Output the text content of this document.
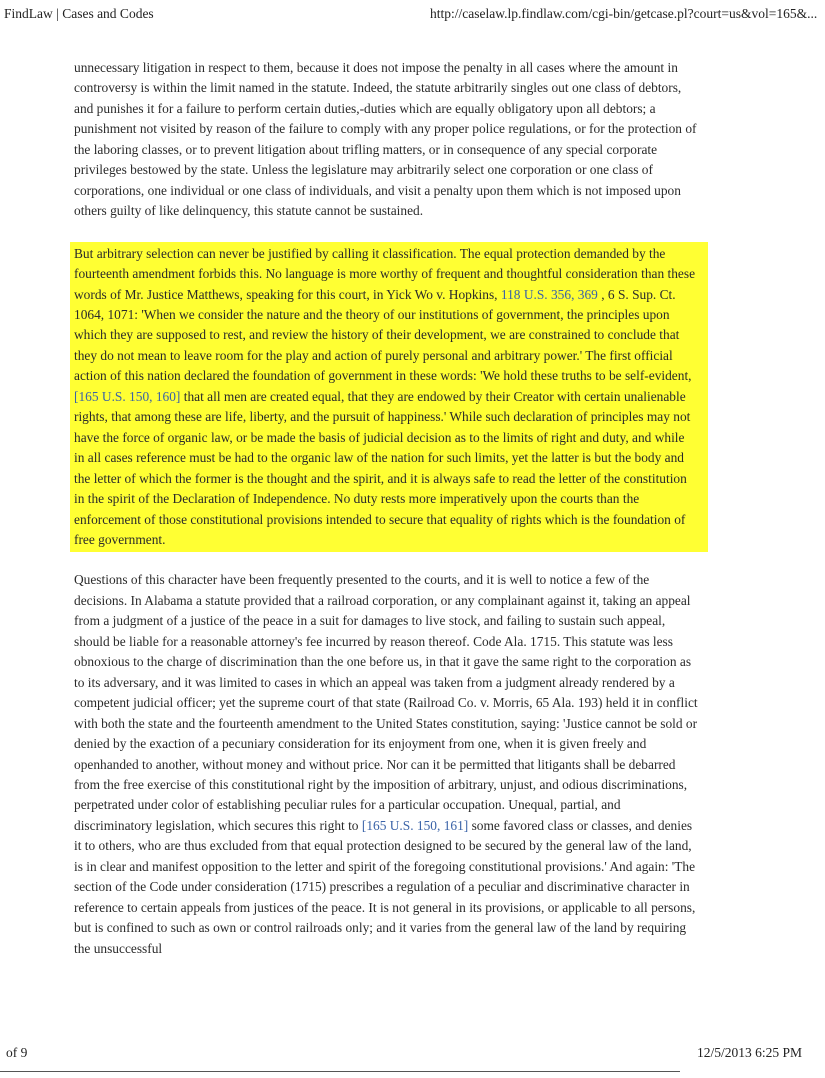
FindLaw | Cases and Codes	http://caselaw.lp.findlaw.com/cgi-bin/getcase.pl?court=us&vol=165&...

unnecessary litigation in respect to them, because it does not impose the penalty in all cases where the amount in controversy is within the limit named in the statute. Indeed, the statute arbitrarily singles out one class of debtors, and punishes it for a failure to perform certain duties,-duties which are equally obligatory upon all debtors; a punishment not visited by reason of the failure to comply with any proper police regulations, or for the protection of the laboring classes, or to prevent litigation about trifling matters, or in consequence of any special corporate privileges bestowed by the state. Unless the legislature may arbitrarily select one corporation or one class of corporations, one individual or one class of individuals, and visit a penalty upon them which is not imposed upon others guilty of like delinquency, this statute cannot be sustained.

But arbitrary selection can never be justified by calling it classification. The equal protection demanded by the fourteenth amendment forbids this. No language is more worthy of frequent and thoughtful consideration than these words of Mr. Justice Matthews, speaking for this court, in Yick Wo v. Hopkins, 118 U.S. 356, 369 , 6 S. Sup. Ct. 1064, 1071: 'When we consider the nature and the theory of our institutions of government, the principles upon which they are supposed to rest, and review the history of their development, we are constrained to conclude that they do not mean to leave room for the play and action of purely personal and arbitrary power.' The first official action of this nation declared the foundation of government in these words: 'We hold these truths to be self-evident, [165 U.S. 150, 160] that all men are created equal, that they are endowed by their Creator with certain unalienable rights, that among these are life, liberty, and the pursuit of happiness.' While such declaration of principles may not have the force of organic law, or be made the basis of judicial decision as to the limits of right and duty, and while in all cases reference must be had to the organic law of the nation for such limits, yet the latter is but the body and the letter of which the former is the thought and the spirit, and it is always safe to read the letter of the constitution in the spirit of the Declaration of Independence. No duty rests more imperatively upon the courts than the enforcement of those constitutional provisions intended to secure that equality of rights which is the foundation of free government.

Questions of this character have been frequently presented to the courts, and it is well to notice a few of the decisions. In Alabama a statute provided that a railroad corporation, or any complainant against it, taking an appeal from a judgment of a justice of the peace in a suit for damages to live stock, and failing to sustain such appeal, should be liable for a reasonable attorney's fee incurred by reason thereof. Code Ala. 1715. This statute was less obnoxious to the charge of discrimination than the one before us, in that it gave the same right to the corporation as to its adversary, and it was limited to cases in which an appeal was taken from a judgment already rendered by a competent judicial officer; yet the supreme court of that state (Railroad Co. v. Morris, 65 Ala. 193) held it in conflict with both the state and the fourteenth amendment to the United States constitution, saying: 'Justice cannot be sold or denied by the exaction of a pecuniary consideration for its enjoyment from one, when it is given freely and openhanded to another, without money and without price. Nor can it be permitted that litigants shall be debarred from the free exercise of this constitutional right by the imposition of arbitrary, unjust, and odious discriminations, perpetrated under color of establishing peculiar rules for a particular occupation. Unequal, partial, and discriminatory legislation, which secures this right to [165 U.S. 150, 161] some favored class or classes, and denies it to others, who are thus excluded from that equal protection designed to be secured by the general law of the land, is in clear and manifest opposition to the letter and spirit of the foregoing constitutional provisions.' And again: 'The section of the Code under consideration (1715) prescribes a regulation of a peculiar and discriminative character in reference to certain appeals from justices of the peace. It is not general in its provisions, or applicable to all persons, but is confined to such as own or control railroads only; and it varies from the general law of the land by requiring the unsuccessful

of 9	12/5/2013 6:25 PM
